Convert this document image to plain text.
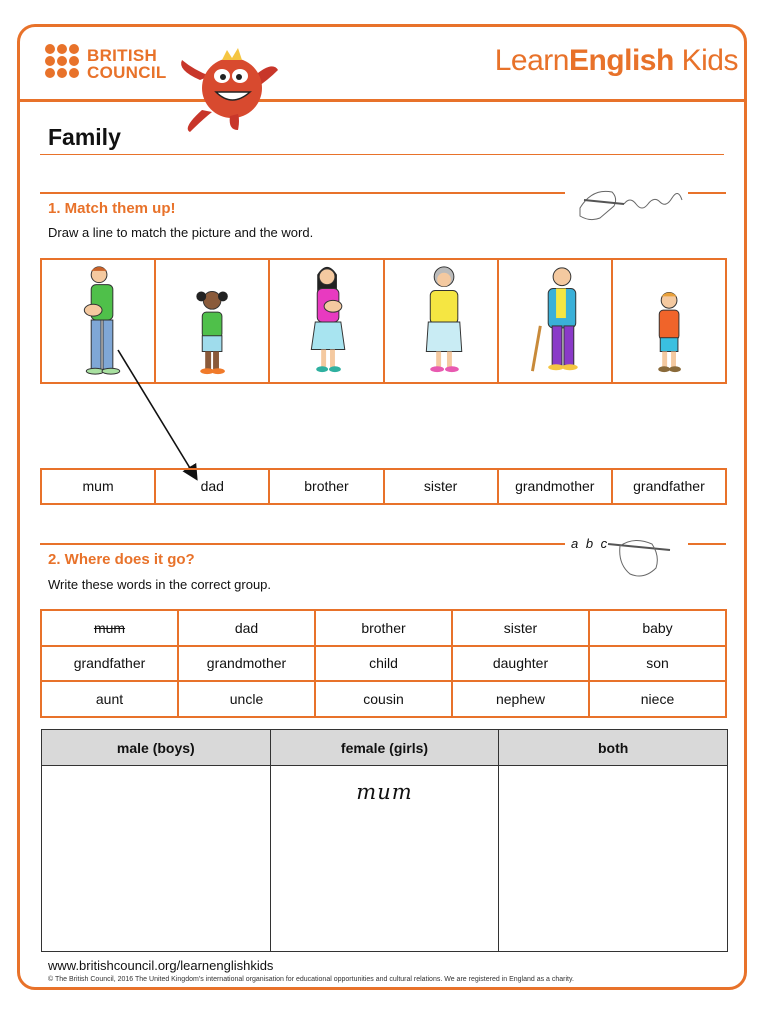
BRITISH
COUNCIL	LearnEnglish Kids
Family
1. Match them up!
Draw a line to match the picture and the word.
mum	dad	brother	sister	grandmother	grandfather
a b c
2. Where does it go?
Write these words in the correct group.
mum	dad	brother	sister	baby
grandfather	grandmother	child	daughter	son
aunt	uncle	cousin	nephew	niece
male (boys)	female (girls)	both

	mum	

www.britishcouncil.org/learnenglishkids
© The British Council, 2016 The United Kingdom’s international organisation for educational opportunities and cultural relations. We are registered in England as a charity.
